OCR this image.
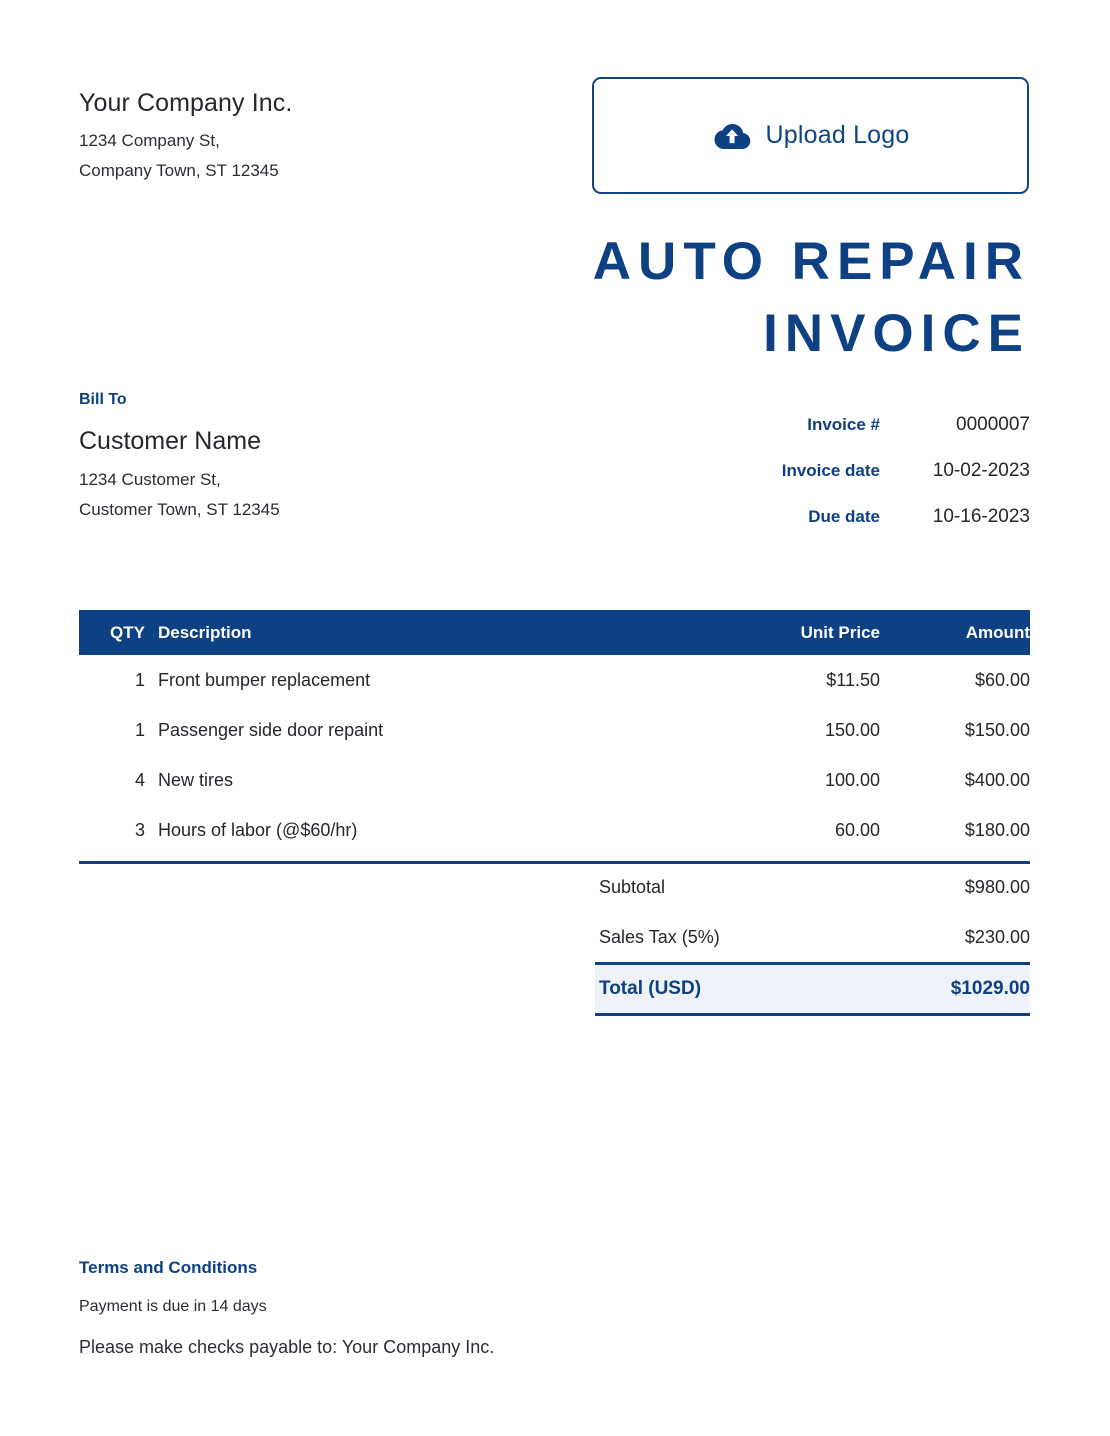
Your Company Inc.
1234 Company St,
Company Town, ST 12345
Upload Logo
AUTO REPAIR
INVOICE
Bill To
Customer Name
1234 Customer St,
Customer Town, ST 12345
Invoice #	0000007
Invoice date	10-02-2023
Due date	10-16-2023
QTY Description	Unit Price	Amount
1 Front bumper replacement	$11.50	$60.00
1 Passenger side door repaint	150.00	$150.00
4 New tires	100.00	$400.00
3 Hours of labor (@$60/hr)	60.00	$180.00
Subtotal	$980.00
Sales Tax (5%)	$230.00
Total (USD)	$1029.00
Terms and Conditions
Payment is due in 14 days
Please make checks payable to: Your Company Inc.
